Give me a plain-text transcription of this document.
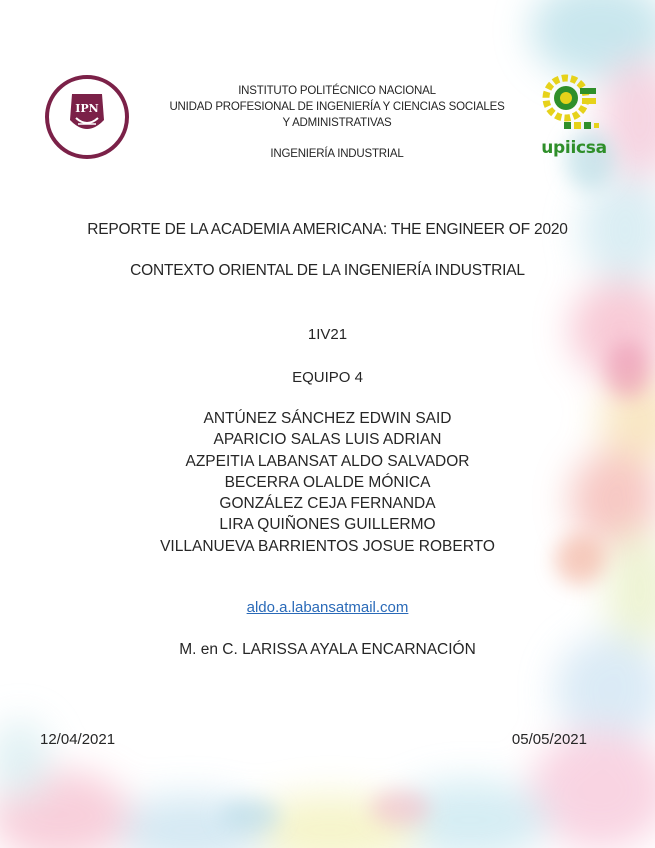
IPN
INSTITUTO POLITÉCNICO NACIONAL
UNIDAD PROFESIONAL DE INGENIERÍA Y CIENCIAS SOCIALES
Y ADMINISTRATIVAS
INGENIERÍA INDUSTRIAL	upiicsa
REPORTE DE LA ACADEMIA AMERICANA: THE ENGINEER OF 2020
CONTEXTO ORIENTAL DE LA INGENIERÍA INDUSTRIAL
1IV21
EQUIPO 4
ANTÚNEZ SÁNCHEZ EDWIN SAID
APARICIO SALAS LUIS ADRIAN
AZPEITIA LABANSAT ALDO SALVADOR
BECERRA OLALDE MÓNICA
GONZÁLEZ CEJA FERNANDA
LIRA QUIÑONES GUILLERMO
VILLANUEVA BARRIENTOS JOSUE ROBERTO
aldo.a.labansatmail.com
M. en C. LARISSA AYALA ENCARNACIÓN
12/04/2021	05/05/2021
